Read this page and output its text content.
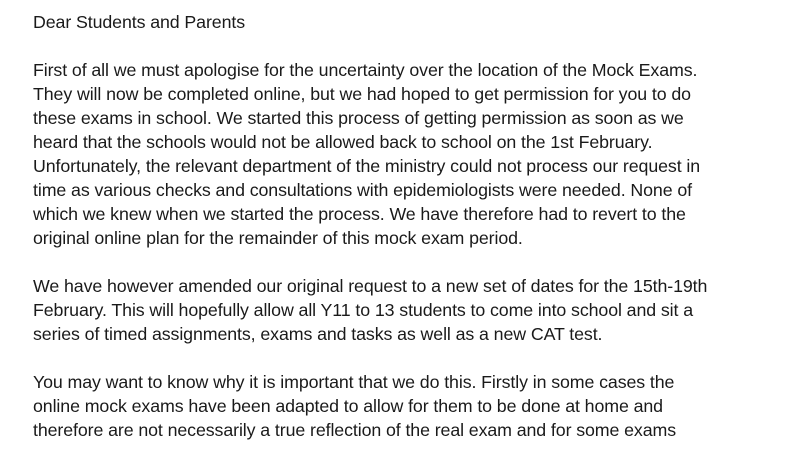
Dear Students and Parents
First of all we must apologise for the uncertainty over the location of the Mock Exams.
They will now be completed online, but we had hoped to get permission for you to do
these exams in school. We started this process of getting permission as soon as we
heard that the schools would not be allowed back to school on the 1st February.
Unfortunately, the relevant department of the ministry could not process our request in
time as various checks and consultations with epidemiologists were needed. None of
which we knew when we started the process. We have therefore had to revert to the
original online plan for the remainder of this mock exam period.
We have however amended our original request to a new set of dates for the 15th-19th
February. This will hopefully allow all Y11 to 13 students to come into school and sit a
series of timed assignments, exams and tasks as well as a new CAT test.
You may want to know why it is important that we do this. Firstly in some cases the
online mock exams have been adapted to allow for them to be done at home and
therefore are not necessarily a true reflection of the real exam and for some exams
